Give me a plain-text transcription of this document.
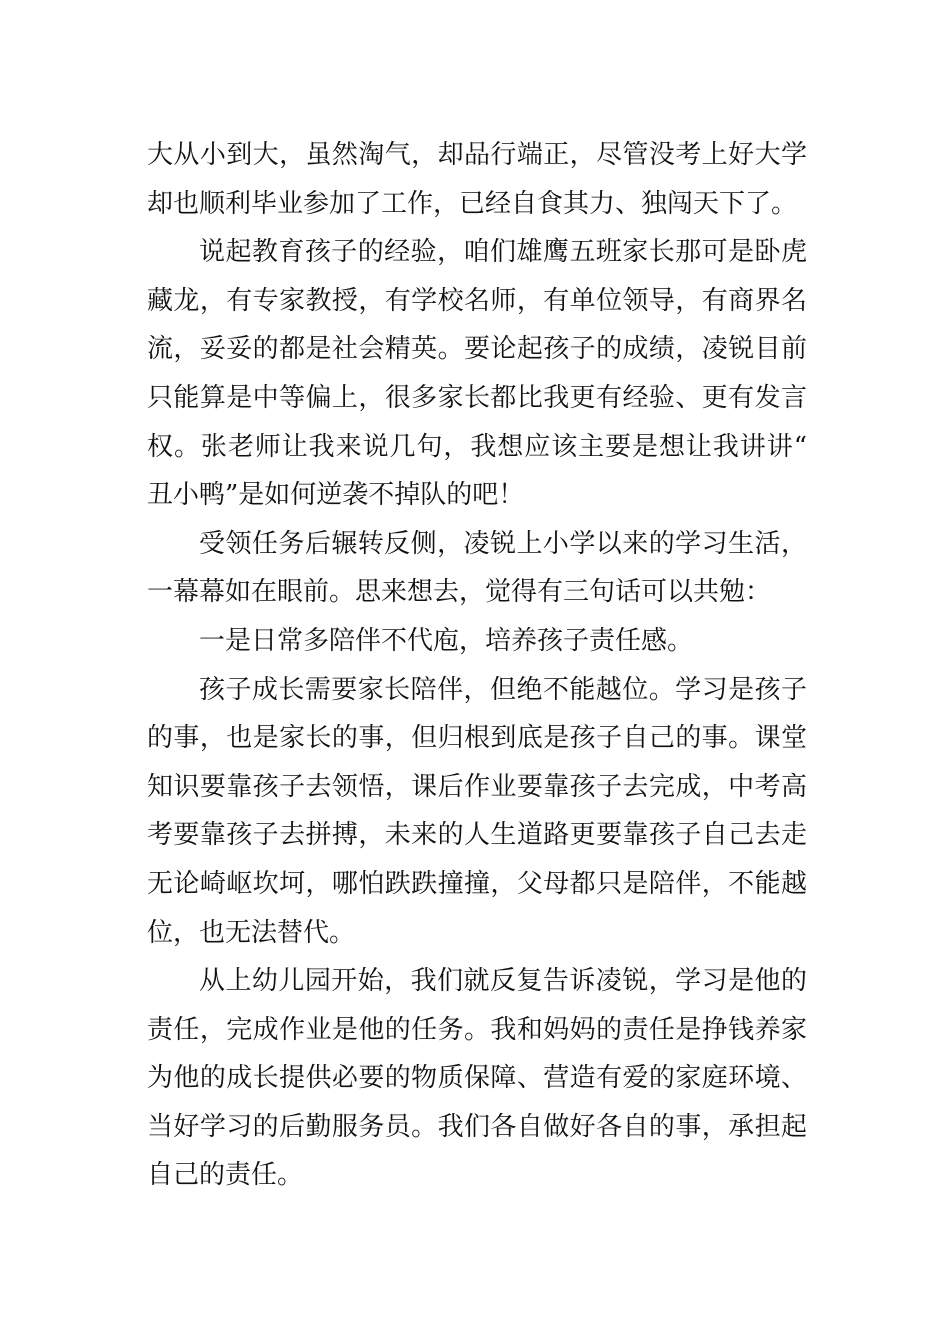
大从小到大，虽然淘气，却品行端正，尽管没考上好大学却也顺利毕业参加了工作，已经自食其力、独闯天下了。

说起教育孩子的经验，咱们雄鹰五班家长那可是卧虎藏龙，有专家教授，有学校名师，有单位领导，有商界名流，妥妥的都是社会精英。要论起孩子的成绩，凌锐目前只能算是中等偏上，很多家长都比我更有经验、更有发言权。张老师让我来说几句，我想应该主要是想让我讲讲“丑小鸭”是如何逆袭不掉队的吧！

受领任务后辗转反侧，凌锐上小学以来的学习生活，一幕幕如在眼前。思来想去，觉得有三句话可以共勉：

一是日常多陪伴不代庖，培养孩子责任感。

孩子成长需要家长陪伴，但绝不能越位。学习是孩子的事，也是家长的事，但归根到底是孩子自己的事。课堂知识要靠孩子去领悟，课后作业要靠孩子去完成，中考高考要靠孩子去拼搏，未来的人生道路更要靠孩子自己去走无论崎岖坎坷，哪怕跌跌撞撞，父母都只是陪伴，不能越位，也无法替代。

从上幼儿园开始，我们就反复告诉凌锐，学习是他的责任，完成作业是他的任务。我和妈妈的责任是挣钱养家为他的成长提供必要的物质保障、营造有爱的家庭环境、当好学习的后勤服务员。我们各自做好各自的事，承担起自己的责任。
